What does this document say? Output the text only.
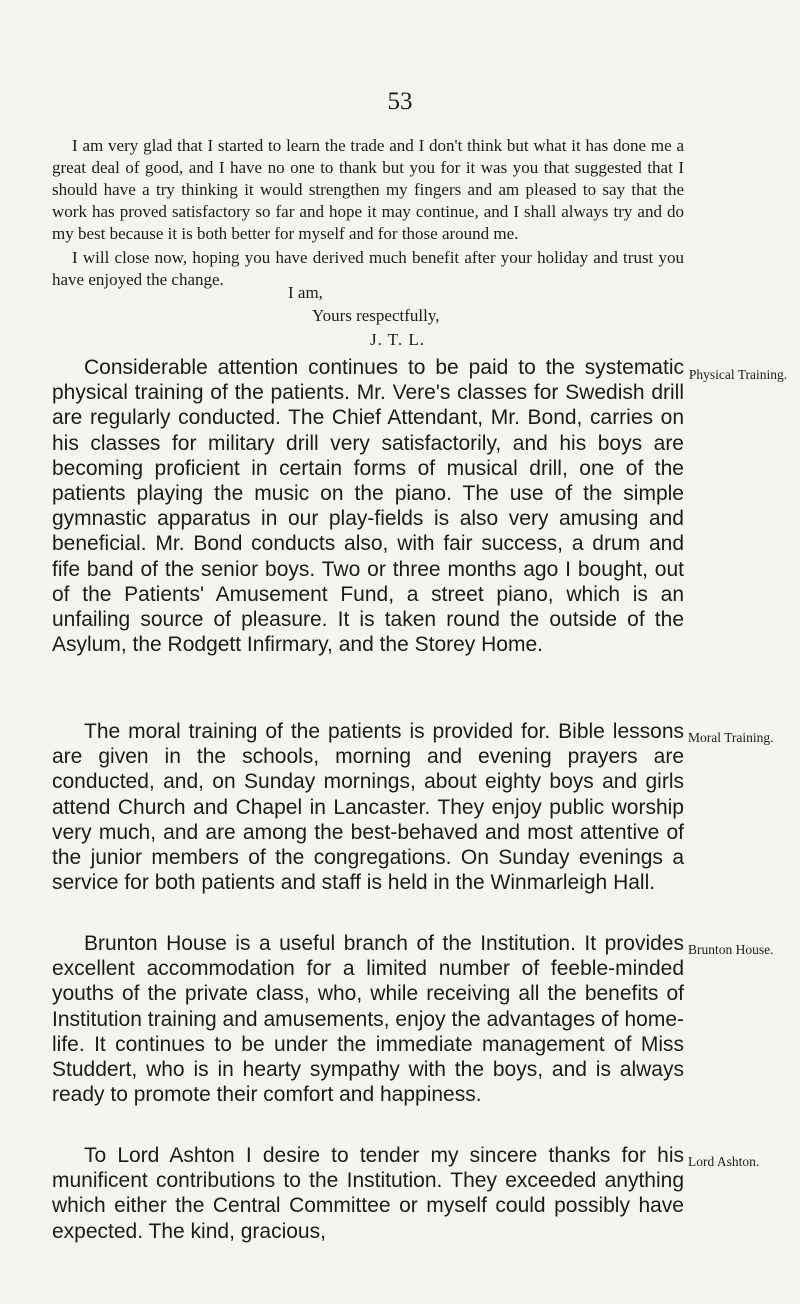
53

I am very glad that I started to learn the trade and I don't think but what it has done me a great deal of good, and I have no one to thank but you for it was you that suggested that I should have a try thinking it would strengthen my fingers and am pleased to say that the work has proved satisfactory so far and hope it may continue, and I shall always try and do my best because it is both better for myself and for those around me.

I will close now, hoping you have derived much benefit after your holiday and trust you have enjoyed the change.

I am,
Yours respectfully,
J. T. L.

Considerable attention continues to be paid to the systematic physical training of the patients. Mr. Vere's classes for Swedish drill are regularly conducted. The Chief Attendant, Mr. Bond, carries on his classes for military drill very satisfactorily, and his boys are becoming proficient in certain forms of musical drill, one of the patients playing the music on the piano. The use of the simple gymnastic apparatus in our play-fields is also very amusing and beneficial. Mr. Bond conducts also, with fair success, a drum and fife band of the senior boys. Two or three months ago I bought, out of the Patients' Amusement Fund, a street piano, which is an unfailing source of pleasure. It is taken round the outside of the Asylum, the Rodgett Infirmary, and the Storey Home.

Physical Training.

The moral training of the patients is provided for. Bible lessons are given in the schools, morning and evening prayers are conducted, and, on Sunday mornings, about eighty boys and girls attend Church and Chapel in Lancaster. They enjoy public worship very much, and are among the best-behaved and most attentive of the junior members of the congregations. On Sunday evenings a service for both patients and staff is held in the Winmarleigh Hall.

Moral Training.

Brunton House is a useful branch of the Institution. It provides excellent accommodation for a limited number of feeble-minded youths of the private class, who, while receiving all the benefits of Institution training and amusements, enjoy the advantages of home-life. It continues to be under the immediate management of Miss Studdert, who is in hearty sympathy with the boys, and is always ready to promote their comfort and happiness.

Brunton House.

To Lord Ashton I desire to tender my sincere thanks for his munificent contributions to the Institution. They exceeded anything which either the Central Committee or myself could possibly have expected. The kind, gracious,

Lord Ashton.
